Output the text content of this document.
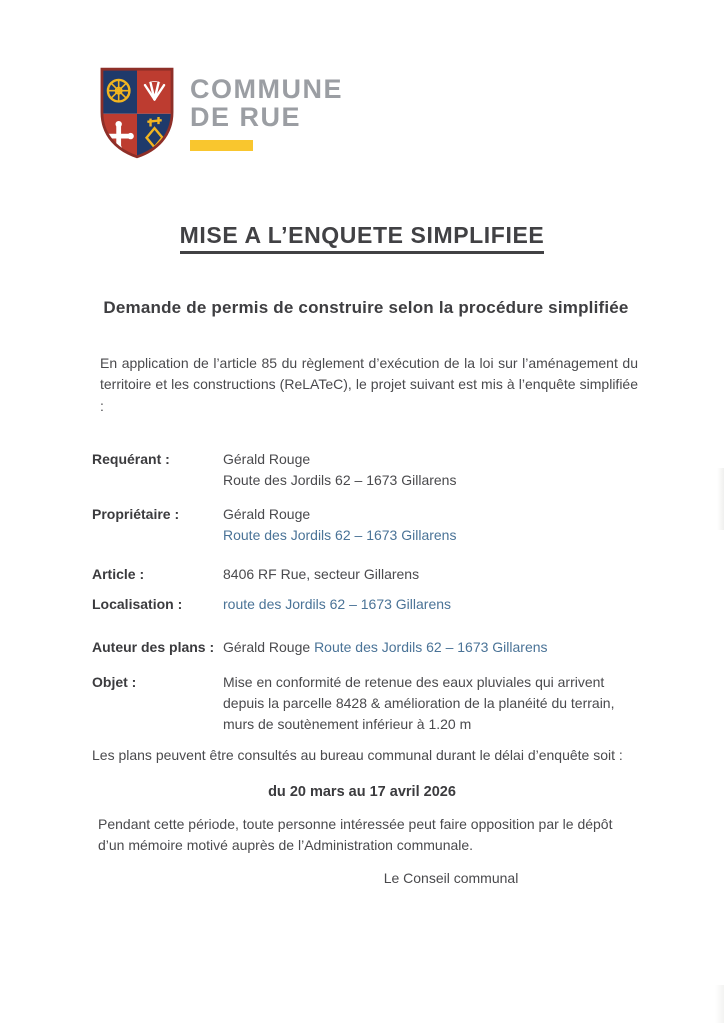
COMMUNE
DE RUE
MISE A L’ENQUETE SIMPLIFIEE
Demande de permis de construire selon la procédure simplifiée

En application de l’article 85 du règlement d’exécution de la loi sur l’aménagement du territoire et les constructions (ReLATeC), le projet suivant est mis à l’enquête simplifiée :

Requérant :	Gérald Rouge
Route des Jordils 62 – 1673 Gillarens
Propriétaire :	Gérald Rouge
Route des Jordils 62 – 1673 Gillarens
Article :	8406 RF Rue, secteur Gillarens
Localisation :	route des Jordils 62 – 1673 Gillarens
Auteur des plans : Gérald Rouge Route des Jordils 62 – 1673 Gillarens
Objet :	Mise en conformité de retenue des eaux pluviales qui arrivent depuis la parcelle 8428 & amélioration de la planéité du terrain, murs de soutènement inférieur à 1.20 m

Les plans peuvent être consultés au bureau communal durant le délai d’enquête soit :

du 20 mars au 17 avril 2026

Pendant cette période, toute personne intéressée peut faire opposition par le dépôt d’un mémoire motivé auprès de l’Administration communale.

Le Conseil communal
